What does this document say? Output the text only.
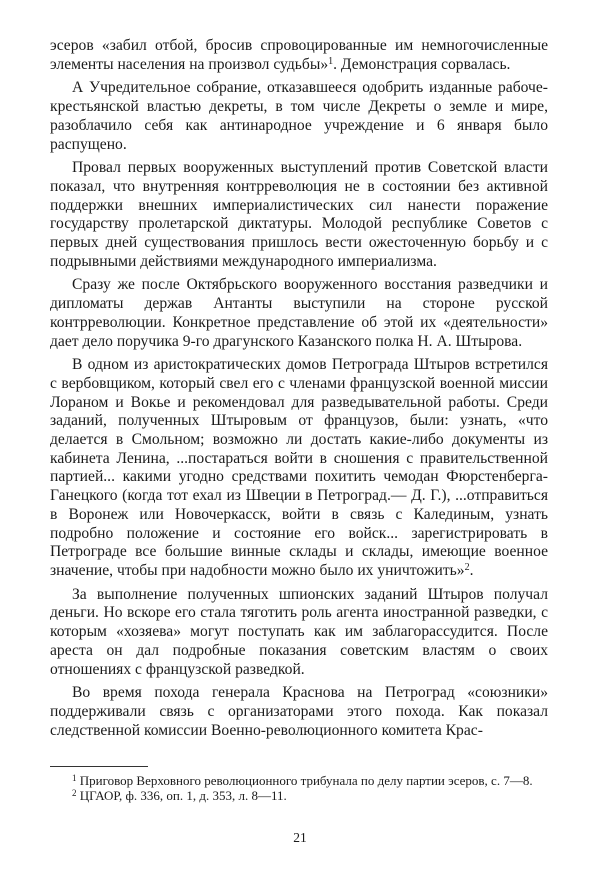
эсеров «забил отбой, бросив спровоцированные им немногочисленные элементы населения на произвол судьбы»$^1$. Демонстрация сорвалась.

А Учредительное собрание, отказавшееся одобрить изданные рабоче-крестьянской властью декреты, в том числе Декреты о земле и мире, разоблачило себя как антинародное учреждение и 6 января было распущено.

Провал первых вооруженных выступлений против Советской власти показал, что внутренняя контрреволюция не в состоянии без активной поддержки внешних империалистических сил нанести поражение государству пролетарской диктатуры. Молодой республике Советов с первых дней существования пришлось вести ожесточенную борьбу и с подрывными действиями международного империализма.

Сразу же после Октябрьского вооруженного восстания разведчики и дипломаты держав Антанты выступили на стороне русской контрреволюции. Конкретное представление об этой их «деятельности» дает дело поручика 9-го драгунского Казанского полка Н. А. Штырова.

В одном из аристократических домов Петрограда Штыров встретился с вербовщиком, который свел его с членами французской военной миссии Лораном и Вокье и рекомендовал для разведывательной работы. Среди заданий, полученных Штыровым от французов, были: узнать, «что делается в Смольном; возможно ли достать какие-либо документы из кабинета Ленина, ...постараться войти в сношения с правительственной партией... какими угодно средствами похитить чемодан Фюрстенберга-Ганецкого (когда тот ехал из Швеции в Петроград.— Д. Г.), ...отправиться в Воронеж или Новочеркасск, войти в связь с Калединым, узнать подробно положение и состояние его войск... зарегистрировать в Петрограде все большие винные склады и склады, имеющие военное значение, чтобы при надобности можно было их уничтожить»$^2$.

За выполнение полученных шпионских заданий Штыров получал деньги. Но вскоре его стала тяготить роль агента иностранной разведки, с которым «хозяева» могут поступать как им заблагорассудится. После ареста он дал подробные показания советским властям о своих отношениях с французской разведкой.

Во время похода генерала Краснова на Петроград «союзники» поддерживали связь с организаторами этого похода. Как показал следственной комиссии Военно-революционного комитета Крас-

$^1$ Приговор Верховного революционного трибунала по делу партии эсеров, с. 7—8.

$^2$ ЦГАОР, ф. 336, оп. 1, д. 353, л. 8—11.

21
